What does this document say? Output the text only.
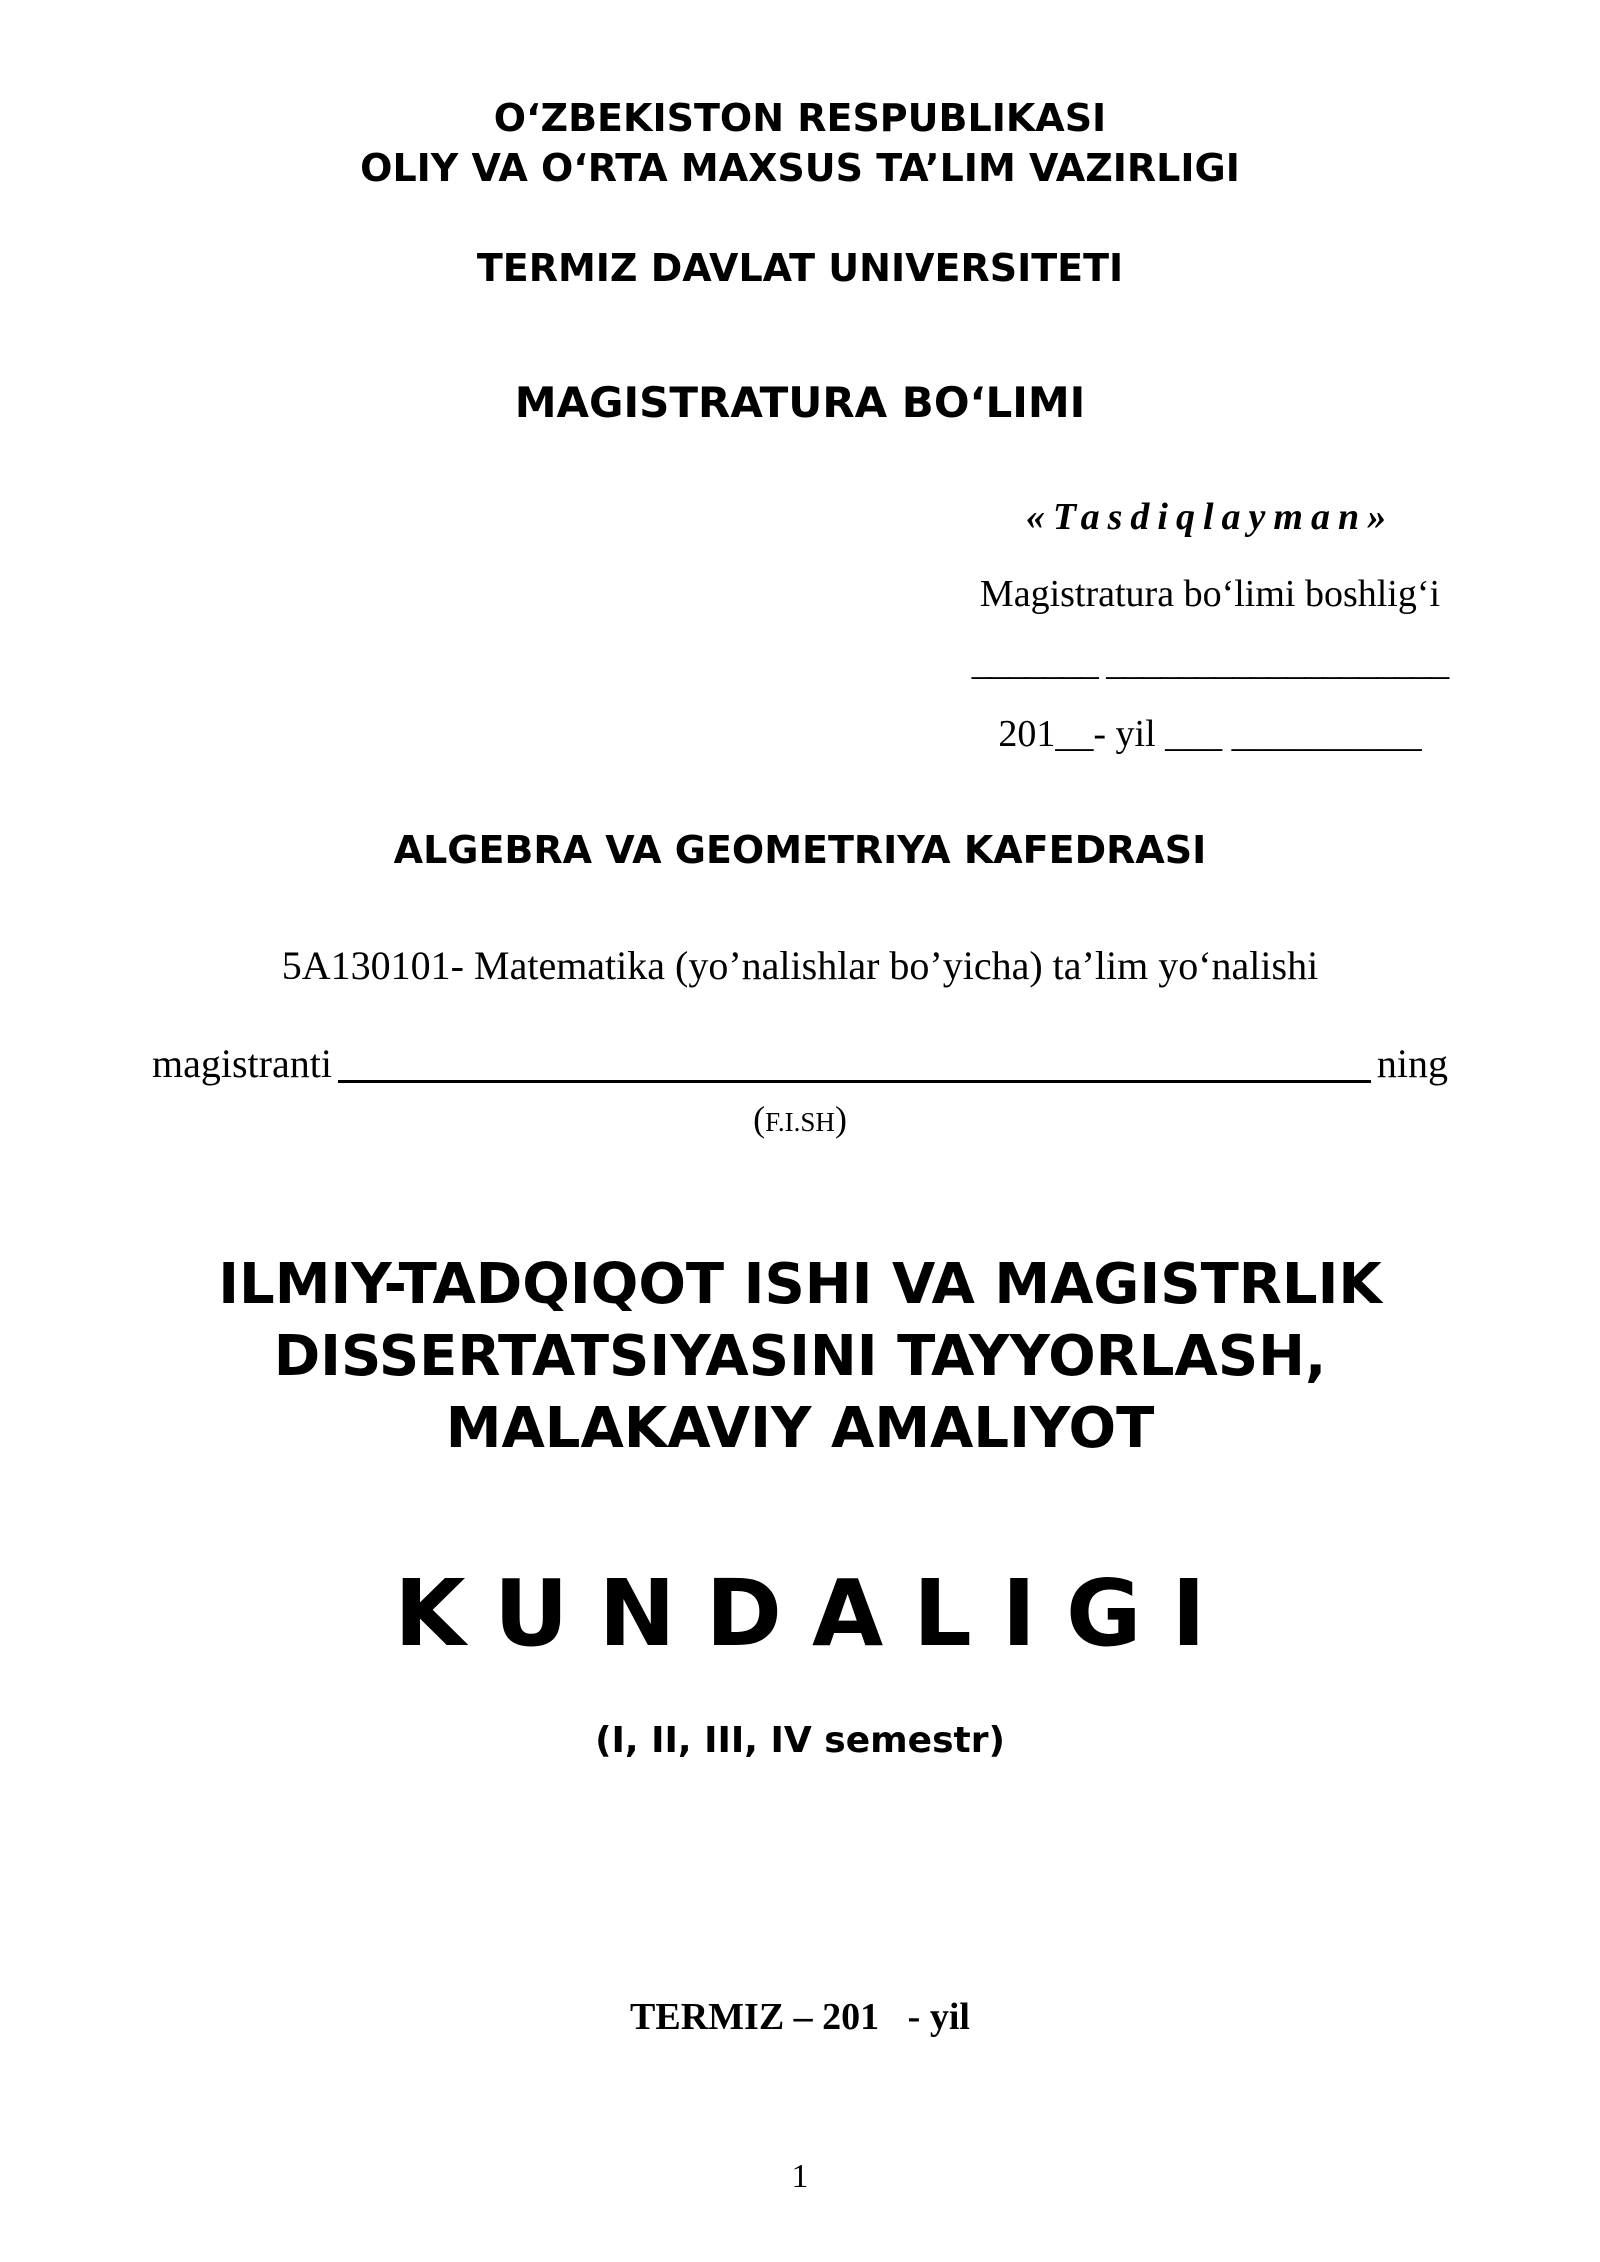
O‘ZBEKISTON RESPUBLIKASI
OLIY VA O‘RTA MAXSUS TA’LIM VAZIRLIGI
TERMIZ DAVLAT UNIVERSITETI
MAGISTRATURA BO‘LIMI
«Tasdiqlayman»
Magistratura bo‘limi boshlig‘i
_______ ___________________
201__- yil ___ __________
ALGEBRA VA GEOMETRIYA KAFEDRASI
5A130101- Matematika (yo’nalishlar bo’yicha) ta’lim yo‘nalishi
magistranti	ning
(F.I.SH)
ILMIY-TADQIQOT ISHI VA MAGISTRLIK
DISSERTATSIYASINI TAYYORLASH,
MALAKAVIY AMALIYOT
KUNDALIGI
(I, II, III, IV semestr)
TERMIZ – 201   - yil
1
